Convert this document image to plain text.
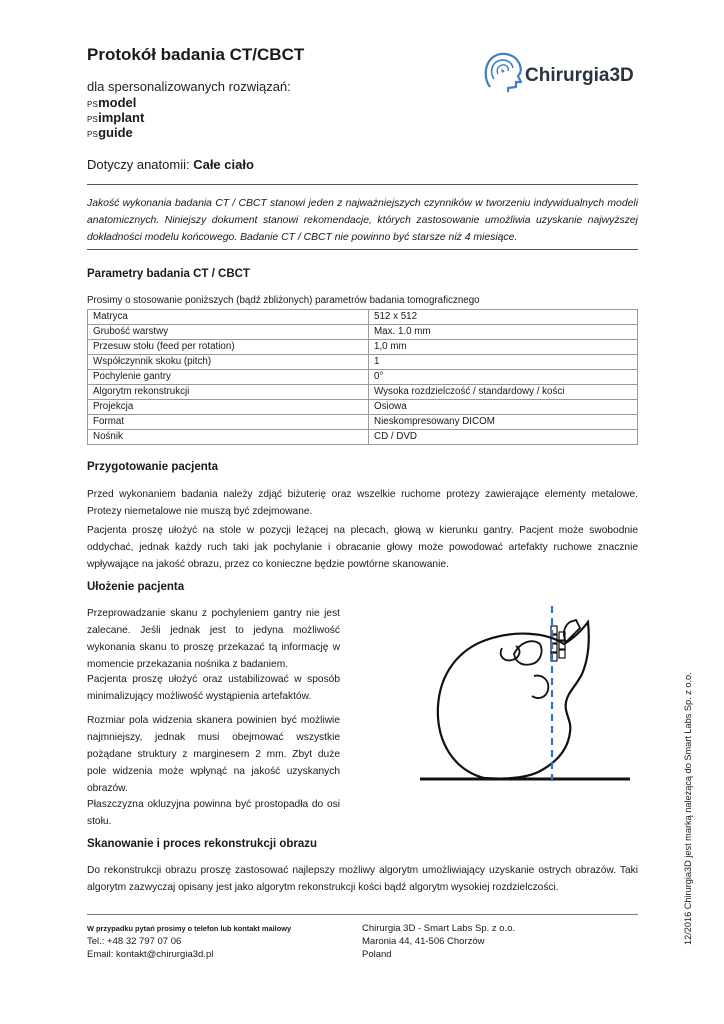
Protokół badania CT/CBCT
dla spersonalizowanych rozwiązań:
PSmodel
PSimplant
PSguide
Dotyczy anatomii: Całe ciało
Chirurgia3D
Jakość wykonania badania CT / CBCT stanowi jeden z najważniejszych czynników w tworzeniu indywidualnych modeli anatomicznych. Niniejszy dokument stanowi rekomendacje, których zastosowanie umożliwia uzyskanie najwyższej dokładności modelu końcowego. Badanie CT / CBCT nie powinno być starsze niż 4 miesiące.
Parametry badania CT / CBCT
Prosimy o stosowanie poniższych (bądź zbliżonych) parametrów badania tomograficznego
Matryca	512 x 512
Grubość warstwy	Max. 1.0 mm
Przesuw stołu (feed per rotation)	1,0 mm
Współczynnik skoku (pitch)	1
Pochylenie gantry	0°
Algorytm rekonstrukcji	Wysoka rozdzielczość / standardowy / kości
Projekcja	Osiowa
Format	Nieskompresowany DICOM
Nośnik	CD / DVD
Przygotowanie pacjenta
Przed wykonaniem badania należy zdjąć biżuterię oraz wszelkie ruchome protezy zawierające elementy metalowe. Protezy niemetalowe nie muszą być zdejmowane.
Pacjenta proszę ułożyć na stole w pozycji leżącej na plecach, głową w kierunku gantry. Pacjent może swobodnie oddychać, jednak każdy ruch taki jak pochylanie i obracanie głowy może powodować artefakty ruchowe znacznie wpływające na jakość obrazu, przez co konieczne będzie powtórne skanowanie.
Ułożenie pacjenta
Przeprowadzanie skanu z pochyleniem gantry nie jest zalecane. Jeśli jednak jest to jedyna możliwość wykonania skanu to proszę przekazać tą informację w momencie przekazania nośnika z badaniem.
Pacjenta proszę ułożyć oraz ustabilizować w sposób minimalizujący możliwość wystąpienia artefaktów.
Rozmiar pola widzenia skanera powinien być możliwie najmniejszy, jednak musi obejmować wszystkie pożądane struktury z marginesem 2 mm. Zbyt duże pole widzenia może wpłynąć na jakość uzyskanych obrazów.
Płaszczyzna okluzyjna powinna być prostopadła do osi stołu.
Skanowanie i proces rekonstrukcji obrazu
Do rekonstrukcji obrazu proszę zastosować najlepszy możliwy algorytm umożliwiający uzyskanie ostrych obrazów. Taki algorytm zazwyczaj opisany jest jako algorytm rekonstrukcji kości bądź algorytm wysokiej rozdzielczości.
W przypadku pytań prosimy o telefon lub kontakt mailowy
Tel.: +48 32 797 07 06
Email: kontakt@chirurgia3d.pl
Chirurgia 3D - Smart Labs Sp. z o.o.
Maronia 44, 41-506 Chorzów
Poland
12/2016 Chirurgia3D jest marką należącą do Smart Labs Sp. z o.o.
